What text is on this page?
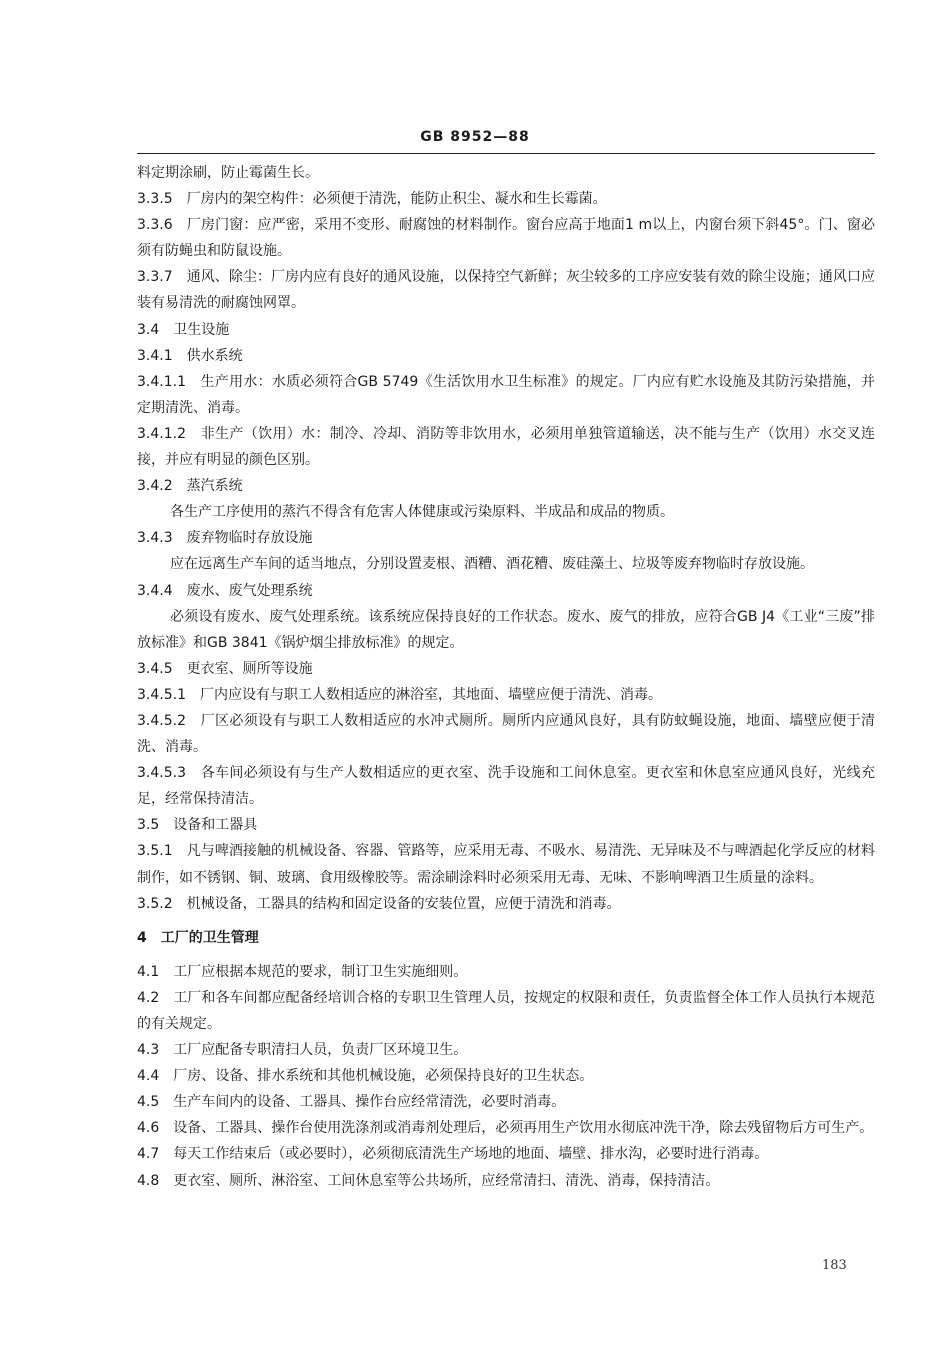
GB 8952—88

料定期涂刷，防止霉菌生长。

3.3.5　厂房内的架空构件：必须便于清洗，能防止积尘、凝水和生长霉菌。

3.3.6　厂房门窗：应严密，采用不变形、耐腐蚀的材料制作。窗台应高于地面1 m以上，内窗台须下斜45°。门、窗必须有防蝇虫和防鼠设施。

3.3.7　通风、除尘：厂房内应有良好的通风设施，以保持空气新鲜；灰尘较多的工序应安装有效的除尘设施；通风口应装有易清洗的耐腐蚀网罩。

3.4　卫生设施

3.4.1　供水系统

3.4.1.1　生产用水：水质必须符合GB 5749《生活饮用水卫生标准》的规定。厂内应有贮水设施及其防污染措施，并定期清洗、消毒。

3.4.1.2　非生产（饮用）水：制冷、冷却、消防等非饮用水，必须用单独管道输送，决不能与生产（饮用）水交叉连接，并应有明显的颜色区别。

3.4.2　蒸汽系统

各生产工序使用的蒸汽不得含有危害人体健康或污染原料、半成品和成品的物质。

3.4.3　废弃物临时存放设施

应在远离生产车间的适当地点，分别设置麦根、酒糟、酒花糟、废硅藻土、垃圾等废弃物临时存放设施。

3.4.4　废水、废气处理系统

必须设有废水、废气处理系统。该系统应保持良好的工作状态。废水、废气的排放，应符合GB J4《工业“三废”排放标准》和GB 3841《锅炉烟尘排放标准》的规定。

3.4.5　更衣室、厕所等设施

3.4.5.1　厂内应设有与职工人数相适应的淋浴室，其地面、墙壁应便于清洗、消毒。

3.4.5.2　厂区必须设有与职工人数相适应的水冲式厕所。厕所内应通风良好，具有防蚊蝇设施，地面、墙壁应便于清洗、消毒。

3.4.5.3　各车间必须设有与生产人数相适应的更衣室、洗手设施和工间休息室。更衣室和休息室应通风良好，光线充足，经常保持清洁。

3.5　设备和工器具

3.5.1　凡与啤酒接触的机械设备、容器、管路等，应采用无毒、不吸水、易清洗、无异味及不与啤酒起化学反应的材料制作，如不锈钢、铜、玻璃、食用级橡胶等。需涂刷涂料时必须采用无毒、无味、不影响啤酒卫生质量的涂料。

3.5.2　机械设备，工器具的结构和固定设备的安装位置，应便于清洗和消毒。

4　工厂的卫生管理

4.1　工厂应根据本规范的要求，制订卫生实施细则。

4.2　工厂和各车间都应配备经培训合格的专职卫生管理人员，按规定的权限和责任，负责监督全体工作人员执行本规范的有关规定。

4.3　工厂应配备专职清扫人员，负责厂区环境卫生。

4.4　厂房、设备、排水系统和其他机械设施，必须保持良好的卫生状态。

4.5　生产车间内的设备、工器具、操作台应经常清洗，必要时消毒。

4.6　设备、工器具、操作台使用洗涤剂或消毒剂处理后，必须再用生产饮用水彻底冲洗干净，除去残留物后方可生产。

4.7　每天工作结束后（或必要时），必须彻底清洗生产场地的地面、墙壁、排水沟，必要时进行消毒。

4.8　更衣室、厕所、淋浴室、工间休息室等公共场所，应经常清扫、清洗、消毒，保持清洁。

183
